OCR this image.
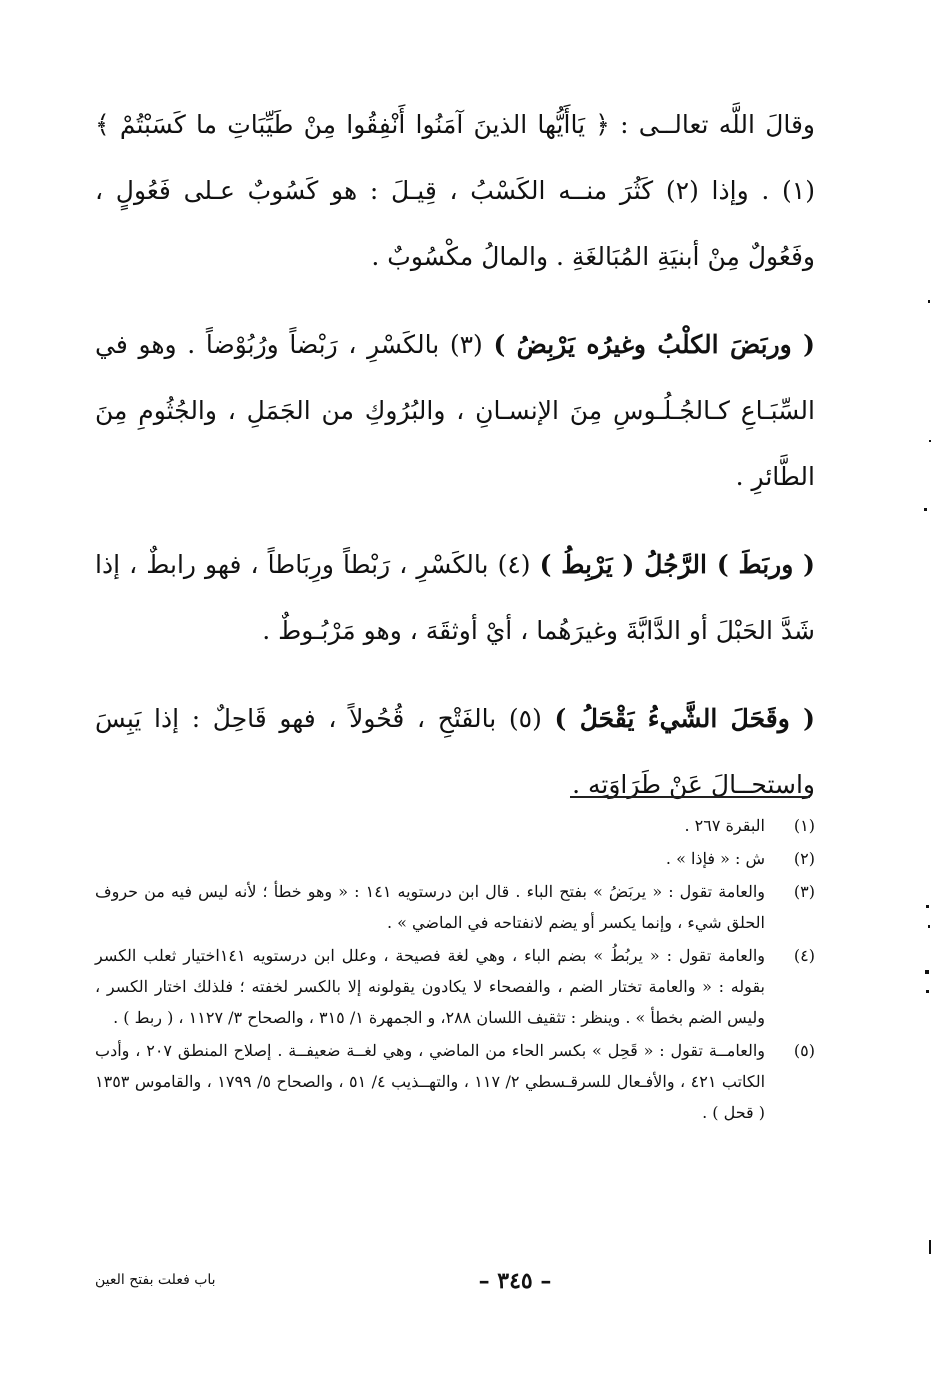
وقالَ اللَّه تعالــى : ﴿ يَاأَيُّها الذينَ آمَنُوا أَنْفِقُوا مِنْ طَيِّبَاتِ ما كَسَبْتُمْ ﴾ (١) . وإذا (٢) كَثُرَ منــه الكَسْبُ ، قِيـلَ : هو كَسُوبٌ عـلى فَعُولٍ ، وفَعُولٌ مِنْ أبنيَةِ المُبَالغَةِ . والمالُ مكْسُوبٌ .

( وربَضَ الكلْبُ وغيرُه يَرْبِضُ ) (٣) بالكَسْرِ ، رَبْضاً ورُبُوْضاً . وهو في السِّبَـاعِ كـالجُـلُـوسِ مِنَ الإنسـانِ ، والبُرُوكِ من الجَمَلِ ، والجُثُومِ مِنَ الطَّائرِ .

( وربَطَ ) الرَّجُلُ ( يَرْبِطُ ) (٤) بالكَسْرِ ، رَبْطاً ورِبَاطاً ، فهو رابطٌ ، إذا شَدَّ الحَبْلَ أو الدَّابَّةَ وغيرَهُما ، أيْ أوثقَهَ ، وهو مَرْبُـوطٌ .

( وقَحَلَ الشَّيءُ يَقْحَلُ ) (٥) بالفَتْحِ ، قُحُولاً ، فهو قَاحِلٌ : إذا يَبِسَ واستحــالَ عَنْ طَرَاوَتِه .

(١)
البقرة ٢٦٧ .
(٢)
ش : « فإذا » .
(٣)
والعامة تقول : « يربَضُ » بفتح الباء . قال ابن درستويه ١٤١ : « وهو خطأ ؛ لأنه ليس فيه من حروف الحلق شيء ، وإنما يكسر أو يضم لانفتاحه في الماضي » .
(٤)
والعامة تقول : « يربُطُ » بضم الباء ، وهي لغة فصيحة ، وعلل ابن درستويه ١٤١اختيار ثعلب الكسر بقوله : « والعامة تختار الضم ، والفصحاء لا يكادون يقولونه إلا بالكسر لخفته ؛ فلذلك اختار الكسر ، وليس الضم بخطأ » . وينظر : تثقيف اللسان ٢٨٨، و الجمهرة ١/ ٣١٥ ، والصحاح ٣/ ١١٢٧ ، ( ربط ) .
(٥)
والعامــة تقول : « قَحِل » بكسر الحاء من الماضي ، وهي لغــة ضعيفــة . إصلاح المنطق ٢٠٧ ، وأدب الكاتب ٤٢١ ، والأفـعال للسرقـسطي ٢/ ١١٧ ، والتهــذيب ٤/ ٥١ ، والصحاح ٥/ ١٧٩٩ ، والقاموس ١٣٥٣ ( قحل ) .
– ٣٤٥ –
باب فعلت بفتح العين
